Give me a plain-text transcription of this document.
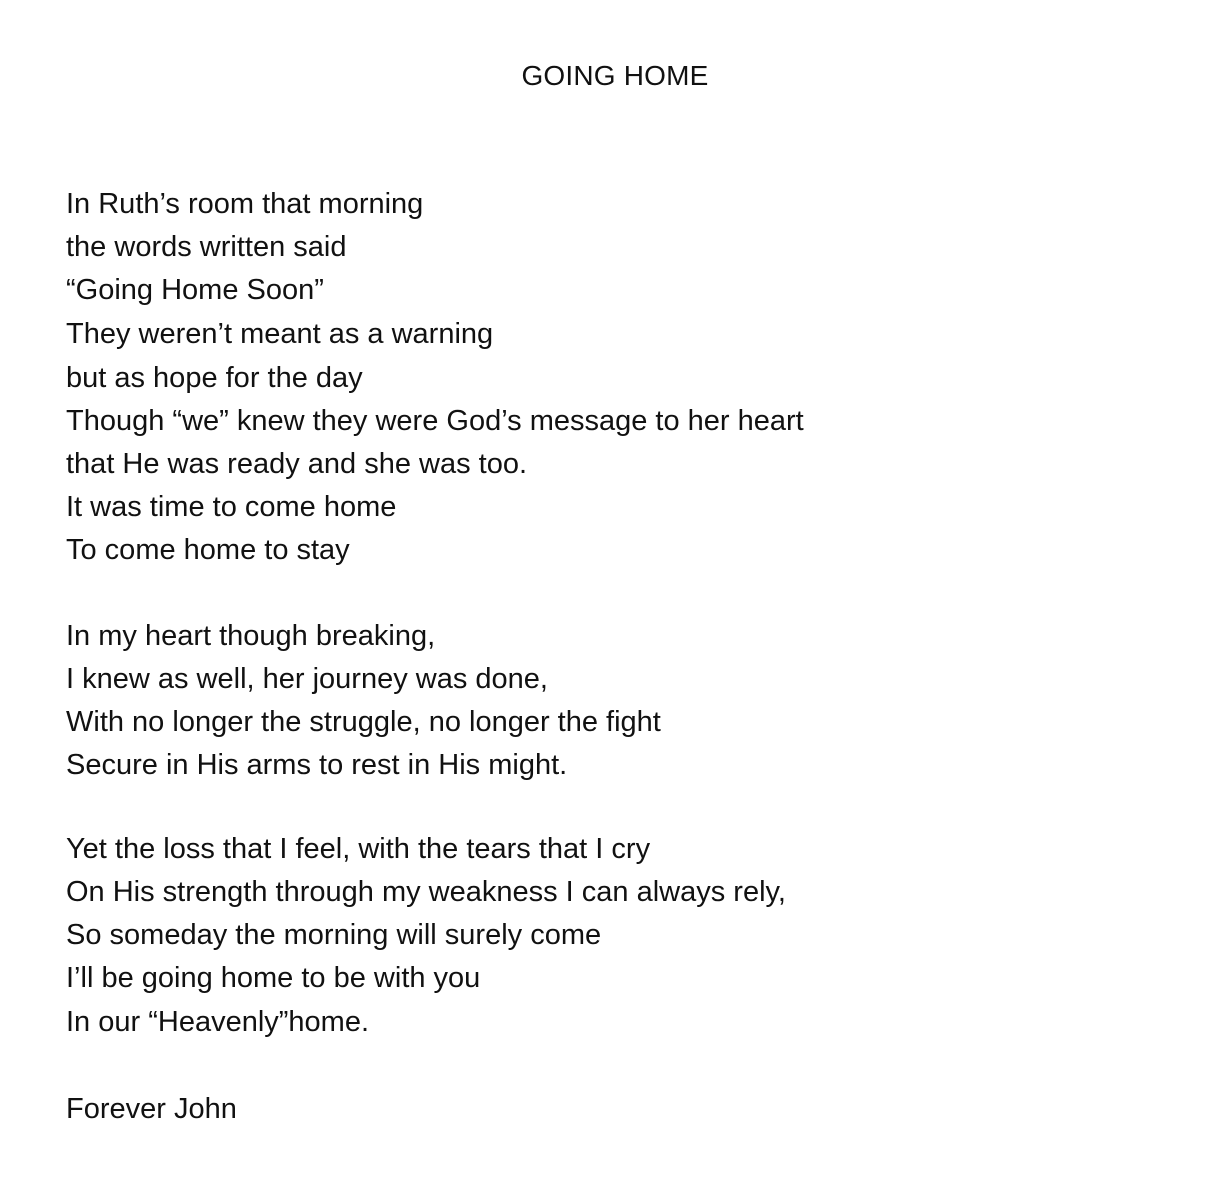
GOING HOME
In Ruth’s room that morning
the words written said
“Going Home Soon”
They weren’t meant as a warning
but as hope for the day
Though “we” knew they were God’s message to her heart
that He was ready and she was too.
It was time to come home
To come home to stay
In my heart though breaking,
I knew as well, her journey was done,
With no longer the struggle, no longer the fight
Secure in His arms to rest in His might.
Yet the loss that I feel, with the tears that I cry
On His strength through my weakness I can always rely,
So someday the morning will surely come
I’ll be going home to be with you
In our “Heavenly”home.
Forever John
